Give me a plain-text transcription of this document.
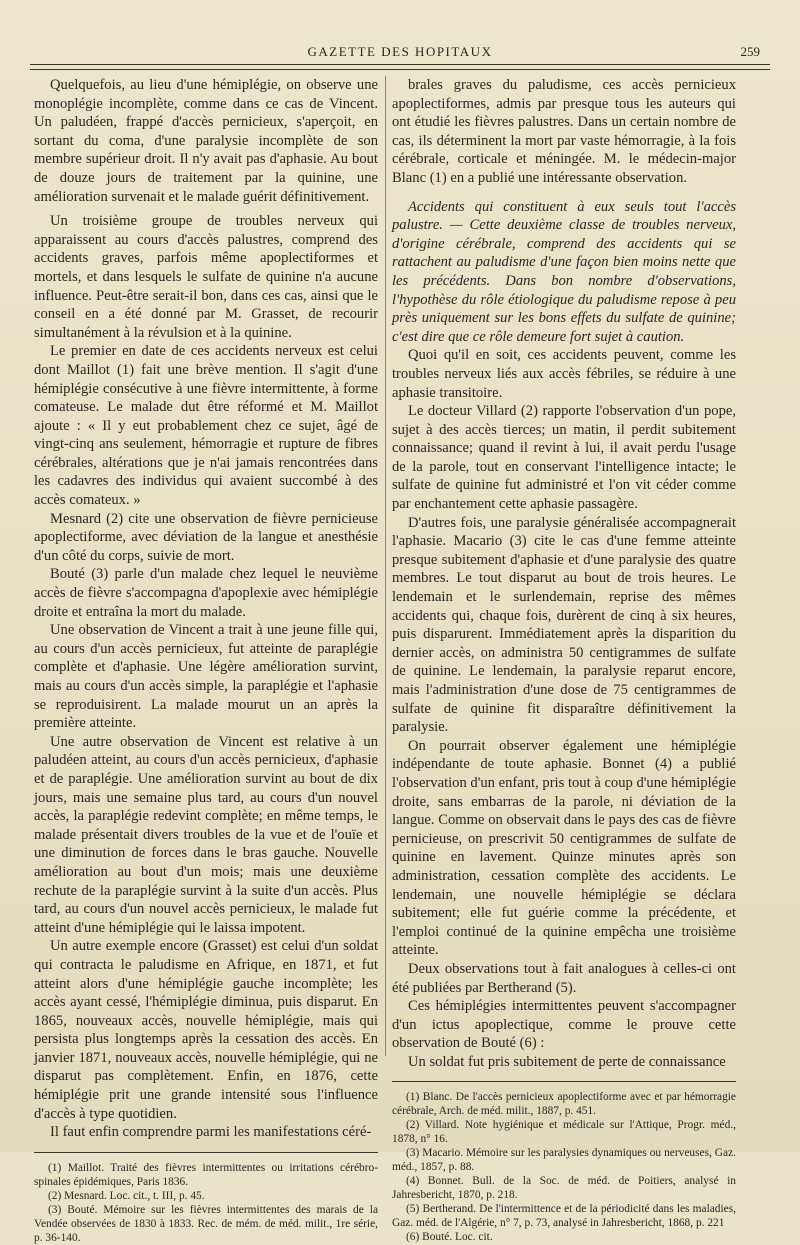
GAZETTE DES HOPITAUX	259

Quelquefois, au lieu d'une hémiplégie, on observe une monoplégie incomplète, comme dans ce cas de Vincent. Un paludéen, frappé d'accès pernicieux, s'aperçoit, en sortant du coma, d'une paralysie incomplète de son membre supérieur droit. Il n'y avait pas d'aphasie. Au bout de douze jours de traitement par la quinine, une amélioration survenait et le malade guérit définitivement.

Un troisième groupe de troubles nerveux qui apparaissent au cours d'accès palustres, comprend des accidents graves, parfois même apoplectiformes et mortels, et dans lesquels le sulfate de quinine n'a aucune influence. Peut-être serait-il bon, dans ces cas, ainsi que le conseil en a été donné par M. Grasset, de recourir simultanément à la révulsion et à la quinine.

Le premier en date de ces accidents nerveux est celui dont Maillot (1) fait une brève mention. Il s'agit d'une hémiplégie consécutive à une fièvre intermittente, à forme comateuse. Le malade dut être réformé et M. Maillot ajoute : « Il y eut probablement chez ce sujet, âgé de vingt-cinq ans seulement, hémorragie et rupture de fibres cérébrales, altérations que je n'ai jamais rencontrées dans les cadavres des individus qui avaient succombé à des accès comateux. »

Mesnard (2) cite une observation de fièvre pernicieuse apoplectiforme, avec déviation de la langue et anesthésie d'un côté du corps, suivie de mort.

Bouté (3) parle d'un malade chez lequel le neuvième accès de fièvre s'accompagna d'apoplexie avec hémiplégie droite et entraîna la mort du malade.

Une observation de Vincent a trait à une jeune fille qui, au cours d'un accès pernicieux, fut atteinte de paraplégie complète et d'aphasie. Une légère amélioration survint, mais au cours d'un accès simple, la paraplégie et l'aphasie se reproduisirent. La malade mourut un an après la première atteinte.

Une autre observation de Vincent est relative à un paludéen atteint, au cours d'un accès pernicieux, d'aphasie et de paraplégie. Une amélioration survint au bout de dix jours, mais une semaine plus tard, au cours d'un nouvel accès, la paraplégie redevint complète; en même temps, le malade présentait divers troubles de la vue et de l'ouïe et une diminution de forces dans le bras gauche. Nouvelle amélioration au bout d'un mois; mais une deuxième rechute de la paraplégie survint à la suite d'un accès. Plus tard, au cours d'un nouvel accès pernicieux, le malade fut atteint d'une hémiplégie qui le laissa impotent.

Un autre exemple encore (Grasset) est celui d'un soldat qui contracta le paludisme en Afrique, en 1871, et fut atteint alors d'une hémiplégie gauche incomplète; les accès ayant cessé, l'hémiplégie diminua, puis disparut. En 1865, nouveaux accès, nouvelle hémiplégie, mais qui persista plus longtemps après la cessation des accès. En janvier 1871, nouveaux accès, nouvelle hémiplégie, qui ne disparut pas complètement. Enfin, en 1876, cette hémiplégie prit une grande intensité sous l'influence d'accès à type quotidien.

Il faut enfin comprendre parmi les manifestations céré-

(1) Maillot. Traité des fièvres intermittentes ou irritations cérébro-spinales épidémiques, Paris 1836.

(2) Mesnard. Loc. cit., t. III, p. 45.

(3) Bouté. Mémoire sur les fièvres intermittentes des marais de la Vendée observées de 1830 à 1833. Rec. de mém. de méd. milit., 1re série, p. 36-140.

brales graves du paludisme, ces accès pernicieux apoplectiformes, admis par presque tous les auteurs qui ont étudié les fièvres palustres. Dans un certain nombre de cas, ils déterminent la mort par vaste hémorragie, à la fois cérébrale, corticale et méningée. M. le médecin-major Blanc (1) en a publié une intéressante observation.

Accidents qui constituent à eux seuls tout l'accès palustre. — Cette deuxième classe de troubles nerveux, d'origine cérébrale, comprend des accidents qui se rattachent au paludisme d'une façon bien moins nette que les précédents. Dans bon nombre d'observations, l'hypothèse du rôle étiologique du paludisme repose à peu près uniquement sur les bons effets du sulfate de quinine; c'est dire que ce rôle demeure fort sujet à caution.

Quoi qu'il en soit, ces accidents peuvent, comme les troubles nerveux liés aux accès fébriles, se réduire à une aphasie transitoire.

Le docteur Villard (2) rapporte l'observation d'un pope, sujet à des accès tierces; un matin, il perdit subitement connaissance; quand il revint à lui, il avait perdu l'usage de la parole, tout en conservant l'intelligence intacte; le sulfate de quinine fut administré et l'on vit céder comme par enchantement cette aphasie passagère.

D'autres fois, une paralysie généralisée accompagnerait l'aphasie. Macario (3) cite le cas d'une femme atteinte presque subitement d'aphasie et d'une paralysie des quatre membres. Le tout disparut au bout de trois heures. Le lendemain et le surlendemain, reprise des mêmes accidents qui, chaque fois, durèrent de cinq à six heures, puis disparurent. Immédiatement après la disparition du dernier accès, on administra 50 centigrammes de sulfate de quinine. Le lendemain, la paralysie reparut encore, mais l'administration d'une dose de 75 centigrammes de sulfate de quinine fit disparaître définitivement la paralysie.

On pourrait observer également une hémiplégie indépendante de toute aphasie. Bonnet (4) a publié l'observation d'un enfant, pris tout à coup d'une hémiplégie droite, sans embarras de la parole, ni déviation de la langue. Comme on observait dans le pays des cas de fièvre pernicieuse, on prescrivit 50 centigrammes de sulfate de quinine en lavement. Quinze minutes après son administration, cessation complète des accidents. Le lendemain, une nouvelle hémiplégie se déclara subitement; elle fut guérie comme la précédente, et l'emploi continué de la quinine empêcha une troisième atteinte.

Deux observations tout à fait analogues à celles-ci ont été publiées par Bertherand (5).

Ces hémiplégies intermittentes peuvent s'accompagner d'un ictus apoplectique, comme le prouve cette observation de Bouté (6) :

Un soldat fut pris subitement de perte de connaissance

(1) Blanc. De l'accès pernicieux apoplectiforme avec et par hémorragie cérébrale, Arch. de méd. milit., 1887, p. 451.

(2) Villard. Note hygiénique et médicale sur l'Attique, Progr. méd., 1878, n° 16.

(3) Macario. Mémoire sur les paralysies dynamiques ou nerveuses, Gaz. méd., 1857, p. 88.

(4) Bonnet. Bull. de la Soc. de méd. de Poitiers, analysé in Jahresbericht, 1870, p. 218.

(5) Bertherand. De l'intermittence et de la périodicité dans les maladies, Gaz. méd. de l'Algérie, n° 7, p. 73, analysé in Jahresbericht, 1868, p. 221

(6) Bouté. Loc. cit.
